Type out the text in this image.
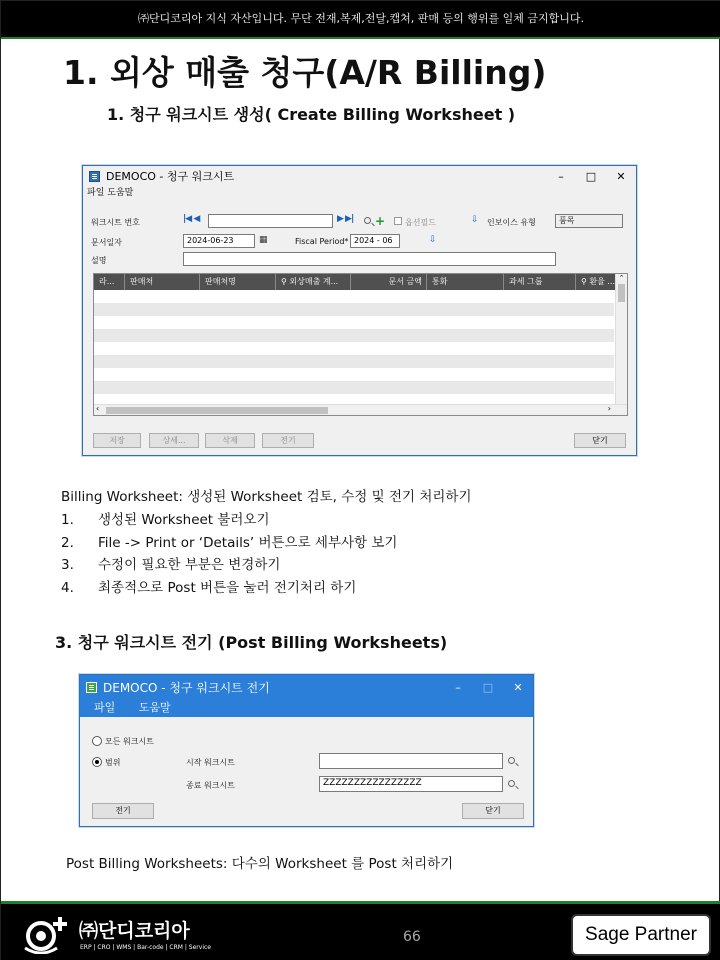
㈜단디코리아 지식 자산입니다. 무단 전재,복제,전달,캡쳐, 판매 등의 행위를 일체 금지합니다.
1. 외상 매출 청구(A/R Billing)
1. 청구 워크시트 생성( Create Billing Worksheet )
DEMOCO - 청구 워크시트	–	□	✕
파일 도움말
워크시트 번호	|◀ ◀	▶ ▶| + 옵션필드	⇩ 인보이스 유형	품목
문서일자	2024-06-23	▦	Fiscal Period* 2024 - 06	⇩
설명
라...	판매처	판매처명	⚲ 외상매출 계...	문서 금액	통화	과세 그룹	⚲ 환율 ... ⌃
‹	›
저장	상세...	삭제	전기	닫기
Billing Worksheet: 생성된 Worksheet 검토, 수정 및 전기 처리하기
1. 생성된 Worksheet 불러오기
2. File -> Print or ‘Details’ 버튼으로 세부사항 보기
3. 수정이 필요한 부분은 변경하기
4. 최종적으로 Post 버튼을 눌러 전기처리 하기
3. 청구 워크시트 전기 (Post Billing Worksheets)
DEMOCO - 청구 워크시트 전기	–	□	✕
파일 도움말
모든 워크시트
범위	시작 워크시트
종료 워크시트	ZZZZZZZZZZZZZZZZ
전기	닫기
Post Billing Worksheets: 다수의 Worksheet 를 Post 처리하기
㈜단디코리아
ERP | CRO | WMS | Bar-code | CRM | Service
66	Sage Partner
